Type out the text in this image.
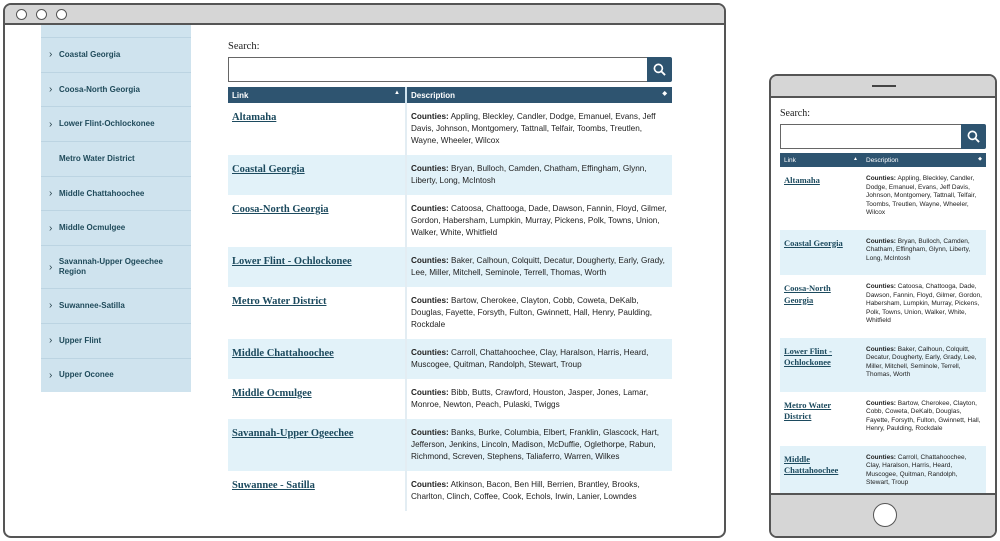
› Coastal Georgia
› Coosa-North Georgia
› Lower Flint-Ochlockonee
Metro Water District
› Middle Chattahoochee
› Middle Ocmulgee
› Savannah-Upper Ogeechee Region
› Suwannee-Satilla
› Upper Flint
› Upper Oconee
Search:
Link ▲	Description ◆

Altamaha	Counties: Appling, Bleckley, Candler, Dodge, Emanuel, Evans, Jeff Davis, Johnson, Montgomery, Tattnall, Telfair, Toombs, Treutlen, Wayne, Wheeler, Wilcox
Coastal Georgia	Counties: Bryan, Bulloch, Camden, Chatham, Effingham, Glynn, Liberty, Long, McIntosh
Coosa-North Georgia	Counties: Catoosa, Chattooga, Dade, Dawson, Fannin, Floyd, Gilmer, Gordon, Habersham, Lumpkin, Murray, Pickens, Polk, Towns, Union, Walker, White, Whitfield
Lower Flint - Ochlockonee	Counties: Baker, Calhoun, Colquitt, Decatur, Dougherty, Early, Grady, Lee, Miller, Mitchell, Seminole, Terrell, Thomas, Worth
Metro Water District	Counties: Bartow, Cherokee, Clayton, Cobb, Coweta, DeKalb, Douglas, Fayette, Forsyth, Fulton, Gwinnett, Hall, Henry, Paulding, Rockdale
Middle Chattahoochee	Counties: Carroll, Chattahoochee, Clay, Haralson, Harris, Heard, Muscogee, Quitman, Randolph, Stewart, Troup
Middle Ocmulgee	Counties: Bibb, Butts, Crawford, Houston, Jasper, Jones, Lamar, Monroe, Newton, Peach, Pulaski, Twiggs
Savannah-Upper Ogeechee	Counties: Banks, Burke, Columbia, Elbert, Franklin, Glascock, Hart, Jefferson, Jenkins, Lincoln, Madison, McDuffie, Oglethorpe, Rabun, Richmond, Screven, Stephens, Taliaferro, Warren, Wilkes
Suwannee - Satilla	Counties: Atkinson, Bacon, Ben Hill, Berrien, Brantley, Brooks, Charlton, Clinch, Coffee, Cook, Echols, Irwin, Lanier, Lowndes
Search:
Link ▲	Description ◆

Altamaha	Counties: Appling, Bleckley, Candler, Dodge, Emanuel, Evans, Jeff Davis, Johnson, Montgomery, Tattnall, Telfair, Toombs, Treutlen, Wayne, Wheeler, Wilcox
Coastal Georgia	Counties: Bryan, Bulloch, Camden, Chatham, Effingham, Glynn, Liberty, Long, McIntosh
Coosa-North Georgia	Counties: Catoosa, Chattooga, Dade, Dawson, Fannin, Floyd, Gilmer, Gordon, Habersham, Lumpkin, Murray, Pickens, Polk, Towns, Union, Walker, White, Whitfield
Lower Flint - Ochlockonee	Counties: Baker, Calhoun, Colquitt, Decatur, Dougherty, Early, Grady, Lee, Miller, Mitchell, Seminole, Terrell, Thomas, Worth
Metro Water District	Counties: Bartow, Cherokee, Clayton, Cobb, Coweta, DeKalb, Douglas, Fayette, Forsyth, Fulton, Gwinnett, Hall, Henry, Paulding, Rockdale
Middle Chattahoochee	Counties: Carroll, Chattahoochee, Clay, Haralson, Harris, Heard, Muscogee, Quitman, Randolph, Stewart, Troup
